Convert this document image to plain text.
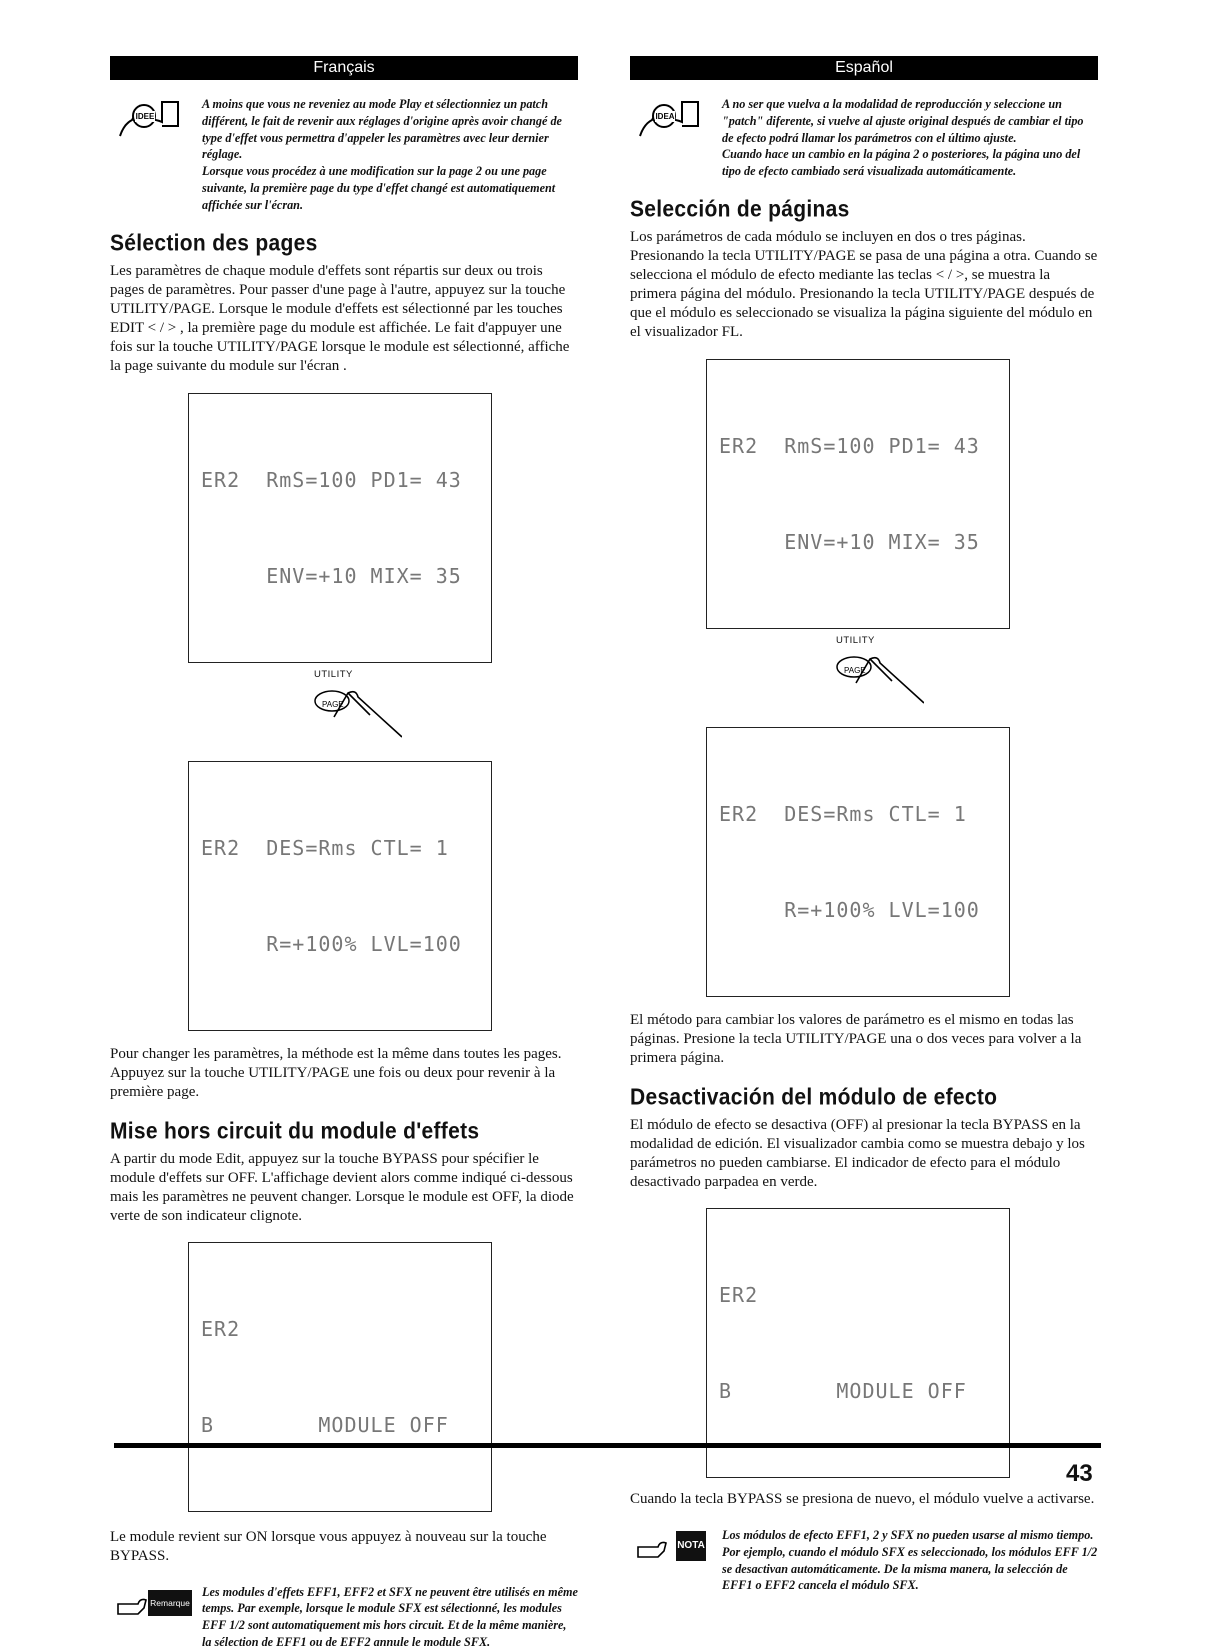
Français
IDEE

A moins que vous ne reveniez au mode Play et sélectionniez un patch différent, le fait de revenir aux réglages d'origine après avoir changé de type d'effet vous permettra d'appeler les paramètres avec leur dernier réglage.

Lorsque vous procédez à une modification sur la page 2 ou une page suivante, la première page du type d'effet changé est automatiquement affichée sur l'écran.

Sélection des pages

Les paramètres de chaque module d'effets sont répartis sur deux ou trois pages de paramètres. Pour passer d'une page à l'autre, appuyez sur la touche UTILITY/PAGE. Lorsque le module d'effets est sélectionné par les touches EDIT < / > , la première page du module est affichée. Le fait d'appuyer une fois sur la touche UTILITY/PAGE lorsque le module est sélectionné, affiche la page suivante du module sur l'écran .

ER2  RmS=100 PD1= 43

ENV=+10 MIX= 35

UTILITY
PAGE

ER2  DES=Rms CTL= 1

R=+100% LVL=100

Pour changer les paramètres, la méthode est la même dans toutes les pages. Appuyez sur la touche UTILITY/PAGE une fois ou deux pour revenir à la première page.

Mise hors circuit du module d'effets

A partir du mode Edit, appuyez sur la touche BYPASS pour spécifier le module d'effets sur OFF. L'affichage devient alors comme indiqué ci-dessous mais les paramètres ne peuvent changer. Lorsque le module est OFF, la diode verte de son indicateur clignote.

ER2

B        MODULE OFF

Le module revient sur ON lorsque vous appuyez à nouveau sur la touche BYPASS.

Remarque

Les modules d'effets EFF1, EFF2 et SFX ne peuvent être utilisés en même temps. Par exemple, lorsque le module SFX est sélectionné, les modules EFF 1/2 sont automatiquement mis hors circuit. Et de la même manière, la sélection de EFF1 ou de EFF2 annule le module SFX.

Español
IDEA

A no ser que vuelva a la modalidad de reproducción y seleccione un "patch" diferente, si vuelve al ajuste original después de cambiar el tipo de efecto podrá llamar los parámetros con el último ajuste.

Cuando hace un cambio en la página 2 o posteriores, la página uno del tipo de efecto cambiado será visualizada automáticamente.

Selección de páginas

Los parámetros de cada módulo se incluyen en dos o tres páginas. Presionando la tecla UTILITY/PAGE se pasa de una página a otra. Cuando se selecciona el módulo de efecto mediante las teclas < / >, se muestra la primera página del módulo. Presionando la tecla UTILITY/PAGE después de que el módulo es seleccionado se visualiza la página siguiente del módulo en el visualizador FL.

ER2  RmS=100 PD1= 43

ENV=+10 MIX= 35

UTILITY
PAGE

ER2  DES=Rms CTL= 1

R=+100% LVL=100

El método para cambiar los valores de parámetro es el mismo en todas las páginas. Presione la tecla UTILITY/PAGE una o dos veces para volver a la primera página.

Desactivación del módulo de efecto

El módulo de efecto se desactiva (OFF) al presionar la tecla BYPASS en la modalidad de edición. El visualizador cambia como se muestra debajo y los parámetros no pueden cambiarse. El indicador de efecto para el módulo desactivado parpadea en verde.

ER2

B        MODULE OFF

Cuando la tecla BYPASS se presiona de nuevo, el módulo vuelve a activarse.

NOTA

Los módulos de efecto EFF1, 2 y SFX no pueden usarse al mismo tiempo. Por ejemplo, cuando el módulo SFX es seleccionado, los módulos EFF 1/2 se desactivan automáticamente. De la misma manera, la selección de EFF1 o EFF2 cancela el módulo SFX.

43
